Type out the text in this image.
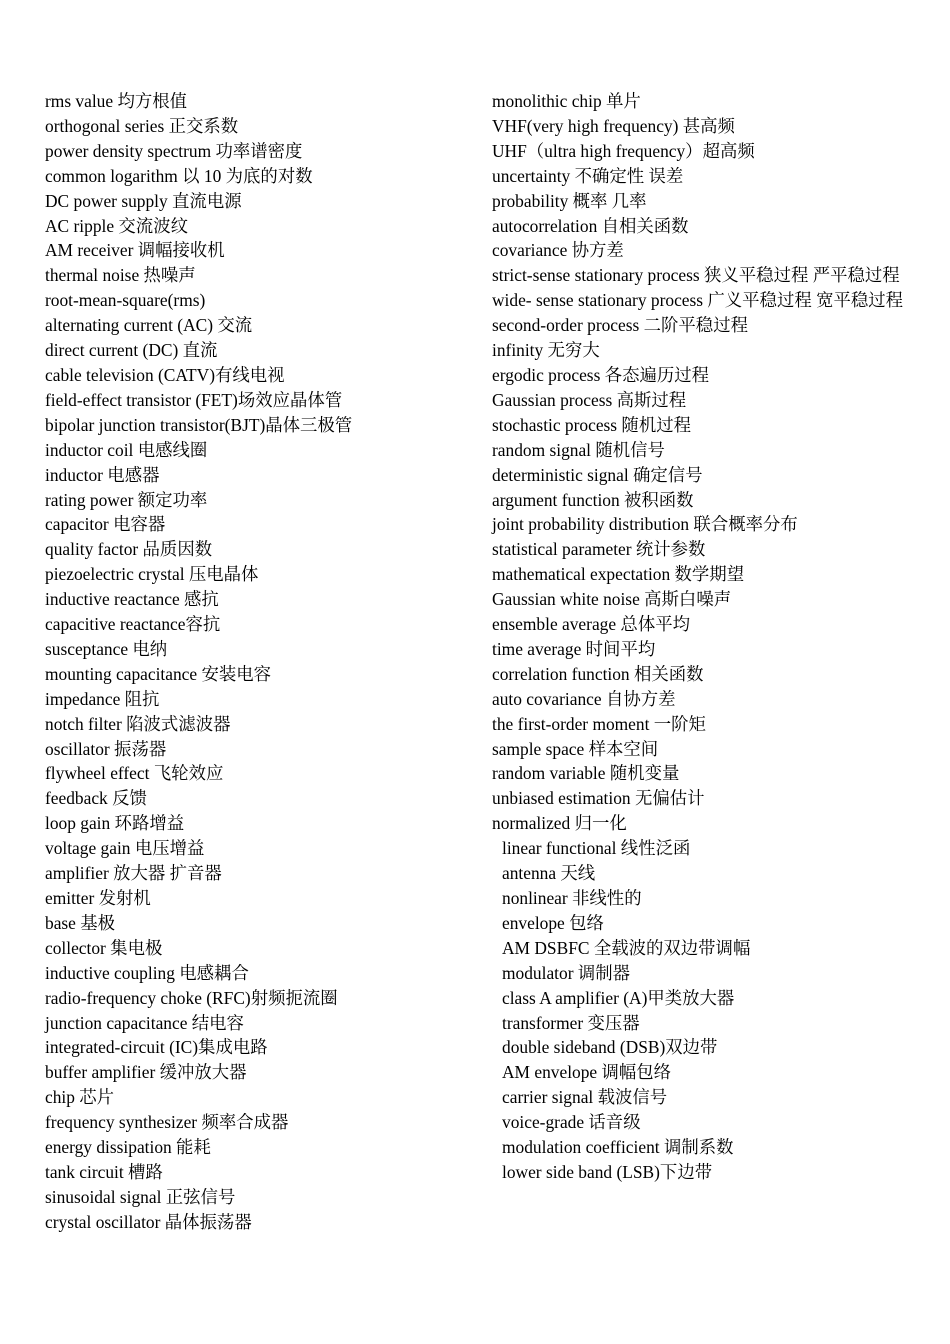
rms value 均方根值
orthogonal series 正交系数
power density spectrum 功率谱密度
common logarithm 以 10 为底的对数
DC power supply 直流电源
AC ripple 交流波纹
AM receiver 调幅接收机
thermal noise 热噪声
root-mean-square(rms)
alternating current (AC) 交流
direct current (DC) 直流
cable television (CATV)有线电视
field-effect transistor (FET)场效应晶体管
bipolar junction transistor(BJT)晶体三极管
inductor coil 电感线圈
inductor 电感器
rating power 额定功率
capacitor 电容器
quality factor 品质因数
piezoelectric crystal 压电晶体
inductive reactance 感抗
capacitive reactance容抗
susceptance 电纳
mounting capacitance 安装电容
impedance 阻抗
notch filter 陷波式滤波器
oscillator 振荡器
flywheel effect 飞轮效应
feedback 反馈
loop gain 环路增益
voltage gain 电压增益
amplifier 放大器 扩音器
emitter 发射机
base 基极
collector 集电极
inductive coupling 电感耦合
radio-frequency choke (RFC)射频扼流圈
junction capacitance 结电容
integrated-circuit (IC)集成电路
buffer amplifier 缓冲放大器
chip 芯片
frequency synthesizer 频率合成器
energy dissipation 能耗
tank circuit 槽路
sinusoidal signal 正弦信号
crystal oscillator 晶体振荡器
monolithic chip 单片
VHF(very high frequency) 甚高频
UHF（ultra high frequency）超高频
uncertainty 不确定性 误差
probability 概率 几率
autocorrelation 自相关函数
covariance 协方差
strict-sense stationary process 狭义平稳过程 严平稳过程
wide- sense stationary process 广义平稳过程 宽平稳过程
second-order process 二阶平稳过程
infinity 无穷大
ergodic process 各态遍历过程
Gaussian process 高斯过程
stochastic process 随机过程
random signal 随机信号
deterministic signal 确定信号
argument function 被积函数
joint probability distribution 联合概率分布
statistical parameter 统计参数
mathematical expectation 数学期望
Gaussian white noise 高斯白噪声
ensemble average 总体平均
time average 时间平均
correlation function 相关函数
auto covariance 自协方差
the first-order moment 一阶矩
sample space 样本空间
random variable 随机变量
unbiased estimation 无偏估计
normalized 归一化
linear functional 线性泛函
antenna 天线
nonlinear 非线性的
envelope 包络
AM DSBFC 全载波的双边带调幅
modulator 调制器
class A amplifier (A)甲类放大器
transformer 变压器
double sideband (DSB)双边带
AM envelope 调幅包络
carrier signal 载波信号
voice-grade 话音级
modulation coefficient 调制系数
lower side band (LSB)下边带
